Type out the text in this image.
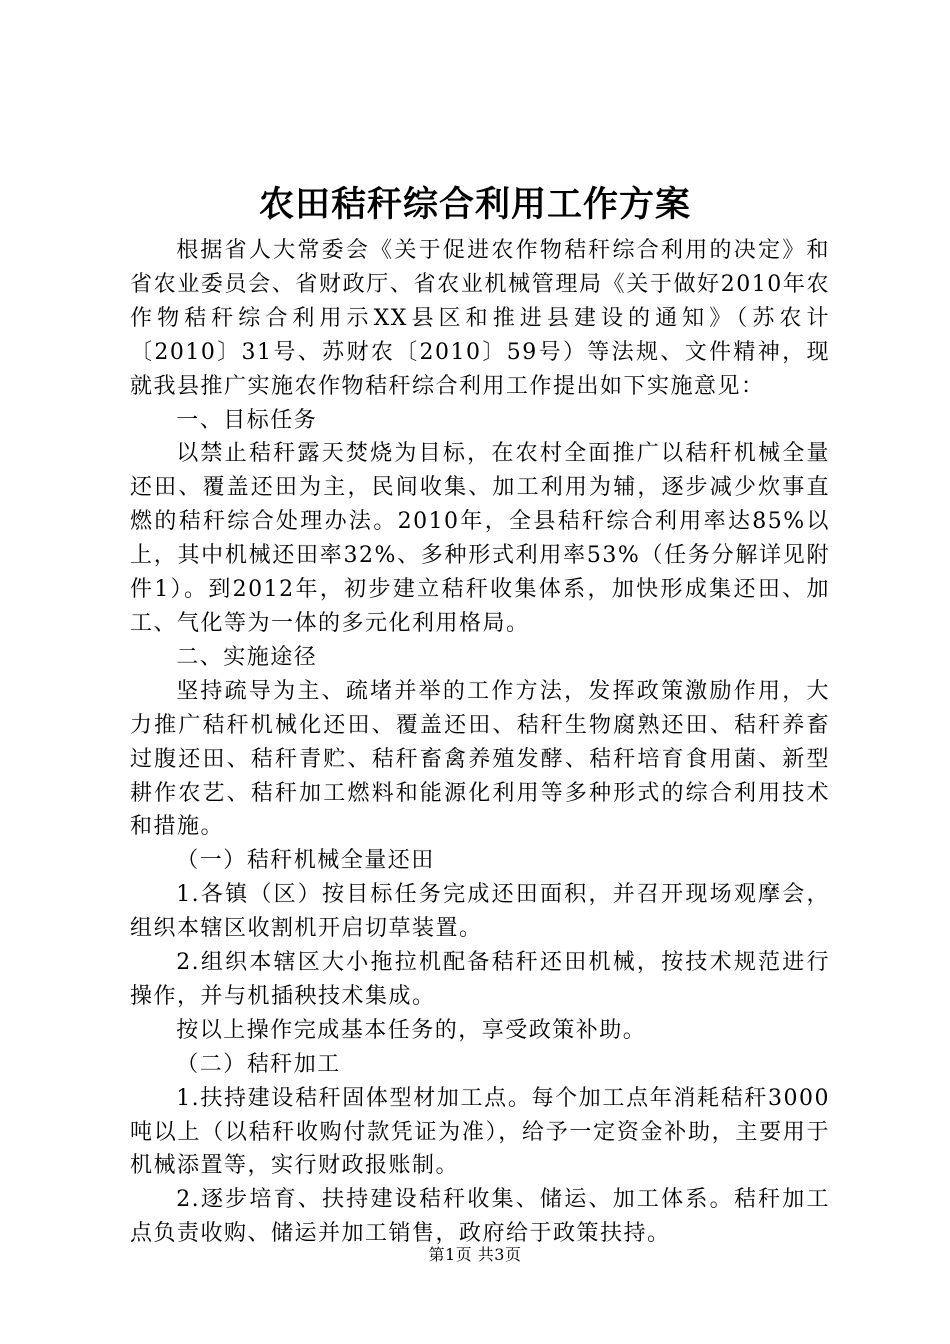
农田秸秆综合利用工作方案

根据省人大常委会《关于促进农作物秸秆综合利用的决定》和省农业委员会、省财政厅、省农业机械管理局《关于做好2010年农作物秸秆综合利用示XX县区和推进县建设的通知》（苏农计〔2010〕31号、苏财农〔2010〕59号）等法规、文件精神，现就我县推广实施农作物秸秆综合利用工作提出如下实施意见：

一、目标任务

以禁止秸秆露天焚烧为目标，在农村全面推广以秸秆机械全量还田、覆盖还田为主，民间收集、加工利用为辅，逐步减少炊事直燃的秸秆综合处理办法。2010年，全县秸秆综合利用率达85%以上，其中机械还田率32%、多种形式利用率53%（任务分解详见附件1）。到2012年，初步建立秸秆收集体系，加快形成集还田、加工、气化等为一体的多元化利用格局。

二、实施途径

坚持疏导为主、疏堵并举的工作方法，发挥政策激励作用，大力推广秸秆机械化还田、覆盖还田、秸秆生物腐熟还田、秸秆养畜过腹还田、秸秆青贮、秸秆畜禽养殖发酵、秸秆培育食用菌、新型耕作农艺、秸秆加工燃料和能源化利用等多种形式的综合利用技术和措施。

（一）秸秆机械全量还田

1.各镇（区）按目标任务完成还田面积，并召开现场观摩会，组织本辖区收割机开启切草装置。

2.组织本辖区大小拖拉机配备秸秆还田机械，按技术规范进行操作，并与机插秧技术集成。

按以上操作完成基本任务的，享受政策补助。

（二）秸秆加工

1.扶持建设秸秆固体型材加工点。每个加工点年消耗秸秆3000吨以上（以秸秆收购付款凭证为准），给予一定资金补助，主要用于机械添置等，实行财政报账制。

2.逐步培育、扶持建设秸秆收集、储运、加工体系。秸秆加工点负责收购、储运并加工销售，政府给于政策扶持。

第1页 共3页
